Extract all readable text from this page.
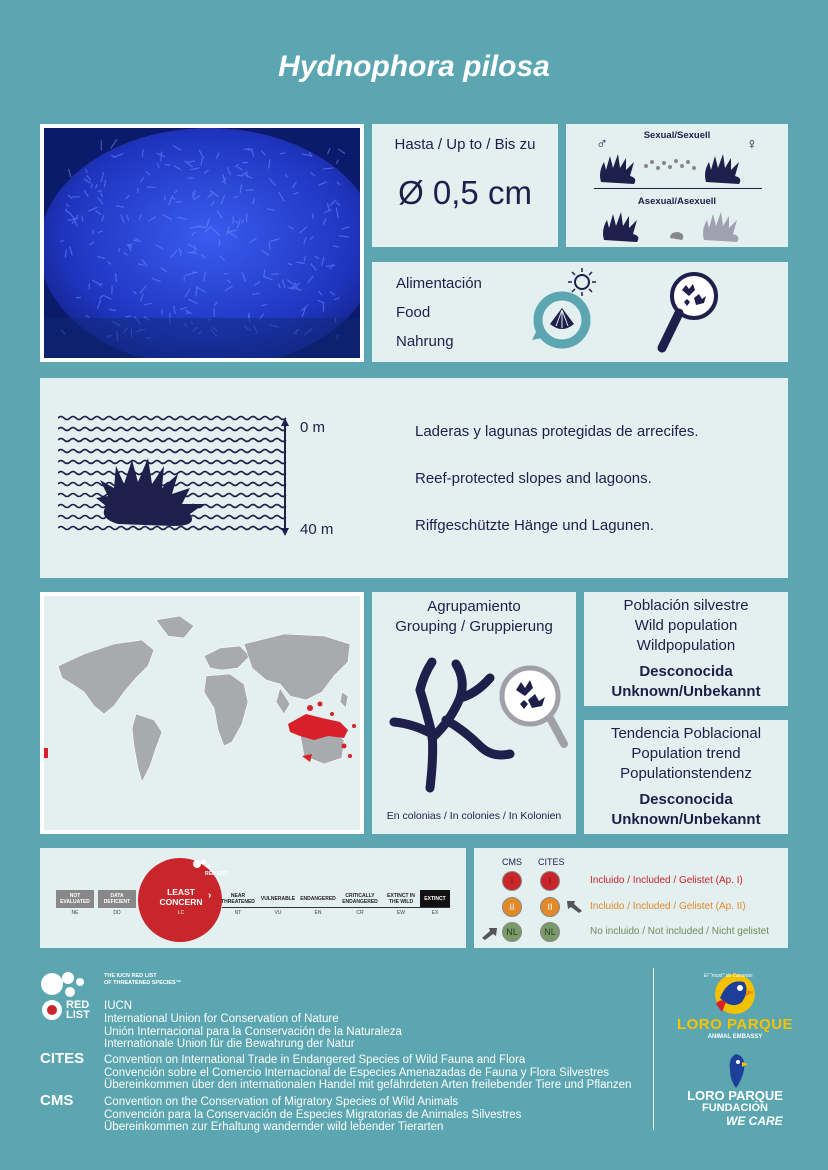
Hydnophora pilosa
Hasta / Up to / Bis zu
Ø 0,5 cm
♂	♀
Sexual/Sexuell
Asexual/Asexuell
Alimentación
Food
Nahrung
0 m
40 m
Laderas y lagunas protegidas de arrecifes.
Reef-protected slopes and lagoons.
Riffgeschützte Hänge und Lagunen.
Agrupamiento
Grouping / Gruppierung
En colonias / In colonies / In Kolonien
Población silvestre
Wild population
Wildpopulation
Desconocida
Unknown/Unbekannt
Tendencia Poblacional
Population trend
Populationstendenz
Desconocida
Unknown/Unbekannt
RED LIST
LEAST
CONCERN
LC
›
NOT EVALUATED
NE
DATA DEFICIENT
DD
NEAR THREATENED
NT
VULNERABLE
VU
ENDANGERED
EN
CRITICALLY ENDANGERED
CR
EXTINCT IN THE WILD
EW
EXTINCT
EX
CMS CITES
I	I	Incluido / Included / Gelistet (Ap. I)
II	II	Incluido / Included / Gelistet (Ap. II)
NL	NL	No incluido / Not included / Nicht gelistet
RED LIST
THE IUCN RED LIST
OF THREATENED SPECIES™
IUCN
International Union for Conservation of Nature
Unión Internacional para la Conservación de la Naturaleza
Internationale Union für die Bewahrung der Natur
CITES Convention on International Trade in Endangered Species of Wild Fauna and Flora
Convención sobre el Comercio Internacional de Especies Amenazadas de Fauna y Flora Silvestres
Übereinkommen über den internationalen Handel mit gefährdeten Arten freilebender Tiere und Pflanzen
CMS	Convention on the Conservation of Migratory Species of Wild Animals
Convención para la Conservación de Especies Migratorias de Animales Silvestres
Übereinkommen zur Erhaltung wandernder wild lebender Tierarten
El "must" de Canarias
LORO PARQUE
ANIMAL EMBASSY
LORO PARQUE
FUNDACIÓN
WE CARE
